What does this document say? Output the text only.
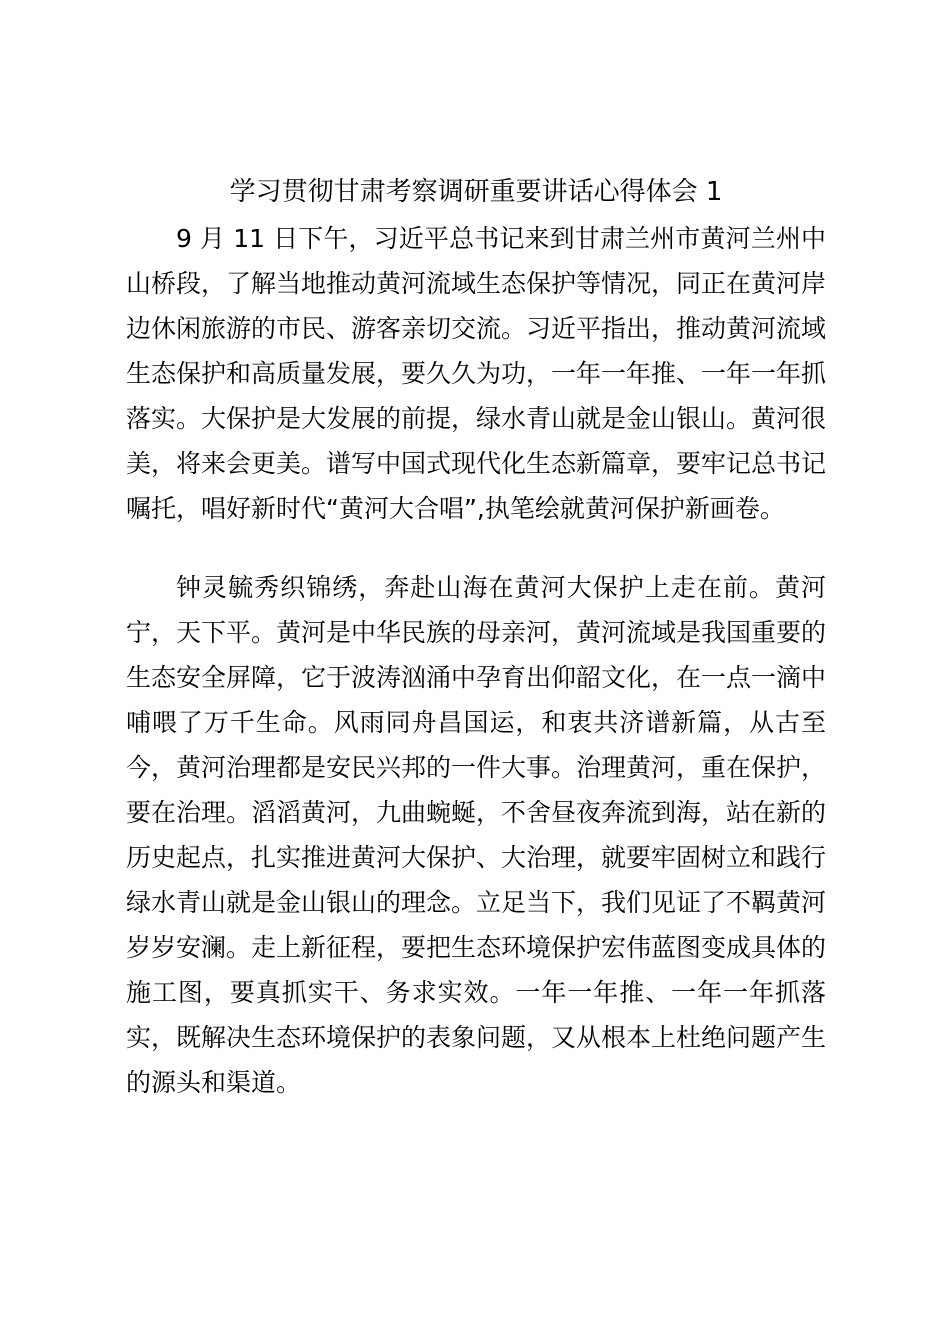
学习贯彻甘肃考察调研重要讲话心得体会 1

9 月 11 日下午，习近平总书记来到甘肃兰州市黄河兰州中山桥段，了解当地推动黄河流域生态保护等情况，同正在黄河岸边休闲旅游的市民、游客亲切交流。习近平指出，推动黄河流域生态保护和高质量发展，要久久为功，一年一年推、一年一年抓落实。大保护是大发展的前提，绿水青山就是金山银山。黄河很美，将来会更美。谱写中国式现代化生态新篇章，要牢记总书记嘱托，唱好新时代“黄河大合唱”,执笔绘就黄河保护新画卷。

钟灵毓秀织锦绣，奔赴山海在黄河大保护上走在前。黄河宁，天下平。黄河是中华民族的母亲河，黄河流域是我国重要的生态安全屏障，它于波涛汹涌中孕育出仰韶文化，在一点一滴中哺喂了万千生命。风雨同舟昌国运，和衷共济谱新篇，从古至今，黄河治理都是安民兴邦的一件大事。治理黄河，重在保护，要在治理。滔滔黄河，九曲蜿蜒，不舍昼夜奔流到海，站在新的历史起点，扎实推进黄河大保护、大治理，就要牢固树立和践行绿水青山就是金山银山的理念。立足当下，我们见证了不羁黄河岁岁安澜。走上新征程，要把生态环境保护宏伟蓝图变成具体的施工图，要真抓实干、务求实效。一年一年推、一年一年抓落实，既解决生态环境保护的表象问题，又从根本上杜绝问题产生的源头和渠道。
